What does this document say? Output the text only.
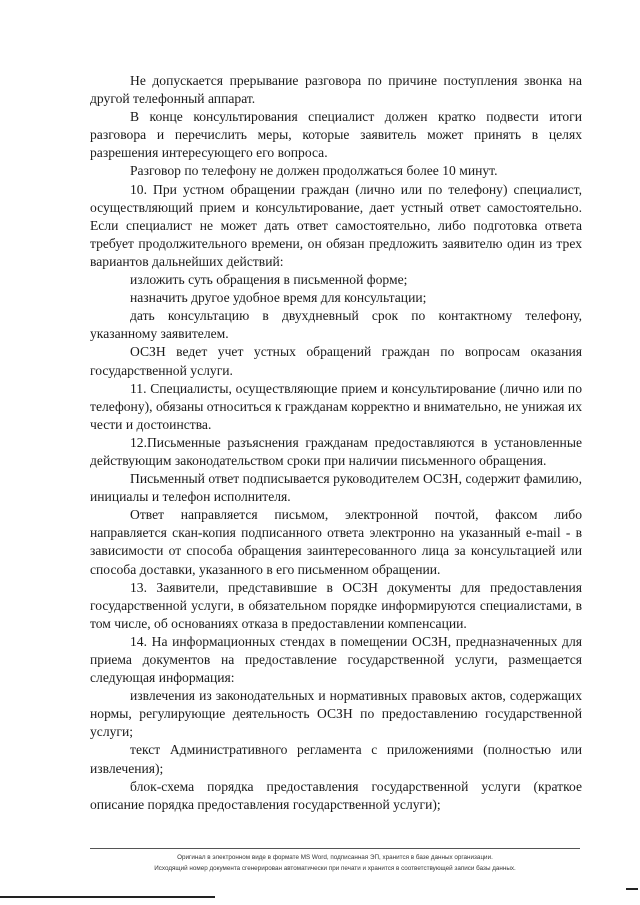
Не допускается прерывание разговора по причине поступления звонка на другой телефонный аппарат.

В конце консультирования специалист должен кратко подвести итоги разговора и перечислить меры, которые заявитель может принять в целях разрешения интересующего его вопроса.

Разговор по телефону не должен продолжаться более 10 минут.

10. При устном обращении граждан (лично или по телефону) специалист, осуществляющий прием и консультирование, дает устный ответ самостоятельно. Если специалист не может дать ответ самостоятельно, либо подготовка ответа требует продолжительного времени, он обязан предложить заявителю один из трех вариантов дальнейших действий:

изложить суть обращения в письменной форме;

назначить другое удобное время для консультации;

дать консультацию в двухдневный срок по контактному телефону, указанному заявителем.

ОСЗН ведет учет устных обращений граждан по вопросам оказания государственной услуги.

11. Специалисты, осуществляющие прием и консультирование (лично или по телефону), обязаны относиться к гражданам корректно и внимательно, не унижая их чести и достоинства.

12.Письменные разъяснения гражданам предоставляются в установленные действующим законодательством сроки при наличии письменного обращения.

Письменный ответ подписывается руководителем ОСЗН, содержит фамилию, инициалы и телефон исполнителя.

Ответ направляется письмом, электронной почтой, факсом либо направляется скан-копия подписанного ответа электронно на указанный e-mail - в зависимости от способа обращения заинтересованного лица за консультацией или способа доставки, указанного в его письменном обращении.

13. Заявители, представившие в ОСЗН документы для предоставления государственной услуги, в обязательном порядке информируются специалистами, в том числе, об основаниях отказа в предоставлении компенсации.

14. На информационных стендах в помещении ОСЗН, предназначенных для приема документов на предоставление государственной услуги, размещается следующая информация:

извлечения из законодательных и нормативных правовых актов, содержащих нормы, регулирующие деятельность ОСЗН по предоставлению государственной услуги;

текст Административного регламента с приложениями (полностью или извлечения);

блок-схема порядка предоставления государственной услуги (краткое описание порядка предоставления государственной услуги);

Оригинал в электронном виде в формате MS Word, подписанная ЭП, хранится в базе данных организации.
Исходящий номер документа сгенерирован автоматически при печати и хранится в соответствующей записи базы данных.
